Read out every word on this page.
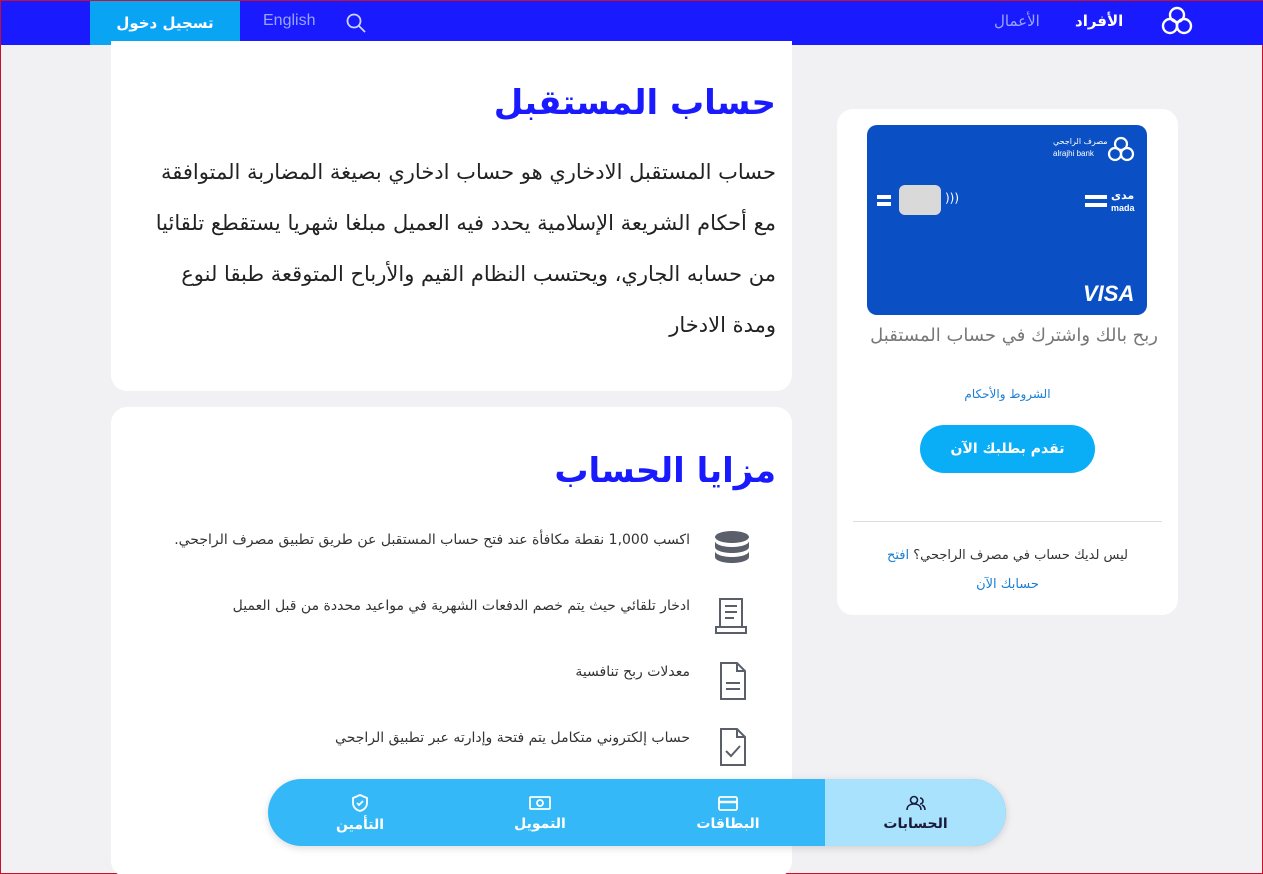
الأفراد
الأعمال
English
تسجيل دخول
حساب المستقبل
حساب المستقبل الادخاري هو حساب ادخاري بصيغة المضاربة المتوافقة مع أحكام الشريعة الإسلامية يحدد فيه العميل مبلغا شهريا يستقطع تلقائيا من حسابه الجاري، ويحتسب النظام القيم والأرباح المتوقعة طبقا لنوع ومدة الادخار
مزايا الحساب
اكسب 1,000 نقطة مكافأة عند فتح حساب المستقبل عن طريق تطبيق مصرف الراجحي.
ادخار تلقائي حيث يتم خصم الدفعات الشهرية في مواعيد محددة من قبل العميل
معدلات ربح تنافسية
حساب إلكتروني متكامل يتم فتحة وإدارته عبر تطبيق الراجحي
مصرف الراجحي
alrajhi bank
)))	مدى
mada
VISA
ربح بالك واشترك في حساب المستقبل
الشروط والأحكام
تقدم بطلبك الآن
ليس لديك حساب في مصرف الراجحي؟ افتح حسابك الآن
الحسابات
البطاقات
التمويل
التأمين
